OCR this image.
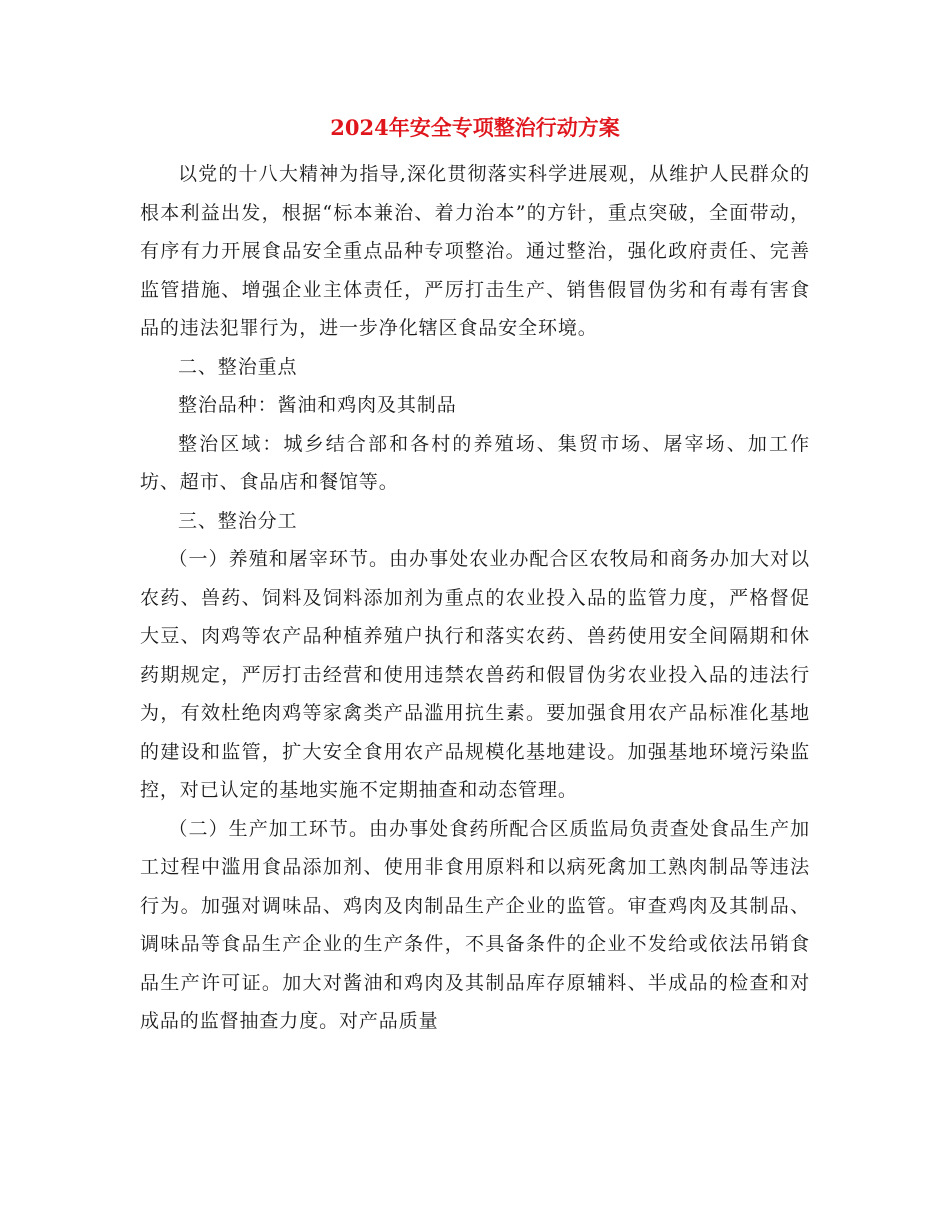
2024年安全专项整治行动方案

以党的十八大精神为指导,深化贯彻落实科学进展观，从维护人民群众的根本利益出发，根据“标本兼治、着力治本”的方针，重点突破，全面带动，有序有力开展食品安全重点品种专项整治。通过整治，强化政府责任、完善监管措施、增强企业主体责任，严厉打击生产、销售假冒伪劣和有毒有害食品的违法犯罪行为，进一步净化辖区食品安全环境。

二、整治重点

整治品种：酱油和鸡肉及其制品

整治区域：城乡结合部和各村的养殖场、集贸市场、屠宰场、加工作坊、超市、食品店和餐馆等。

三、整治分工

（一）养殖和屠宰环节。由办事处农业办配合区农牧局和商务办加大对以农药、兽药、饲料及饲料添加剂为重点的农业投入品的监管力度，严格督促大豆、肉鸡等农产品种植养殖户执行和落实农药、兽药使用安全间隔期和休药期规定，严厉打击经营和使用违禁农兽药和假冒伪劣农业投入品的违法行为，有效杜绝肉鸡等家禽类产品滥用抗生素。要加强食用农产品标准化基地的建设和监管，扩大安全食用农产品规模化基地建设。加强基地环境污染监控，对已认定的基地实施不定期抽查和动态管理。

（二）生产加工环节。由办事处食药所配合区质监局负责查处食品生产加工过程中滥用食品添加剂、使用非食用原料和以病死禽加工熟肉制品等违法行为。加强对调味品、鸡肉及肉制品生产企业的监管。审查鸡肉及其制品、调味品等食品生产企业的生产条件，不具备条件的企业不发给或依法吊销食品生产许可证。加大对酱油和鸡肉及其制品库存原辅料、半成品的检查和对成品的监督抽查力度。对产品质量
